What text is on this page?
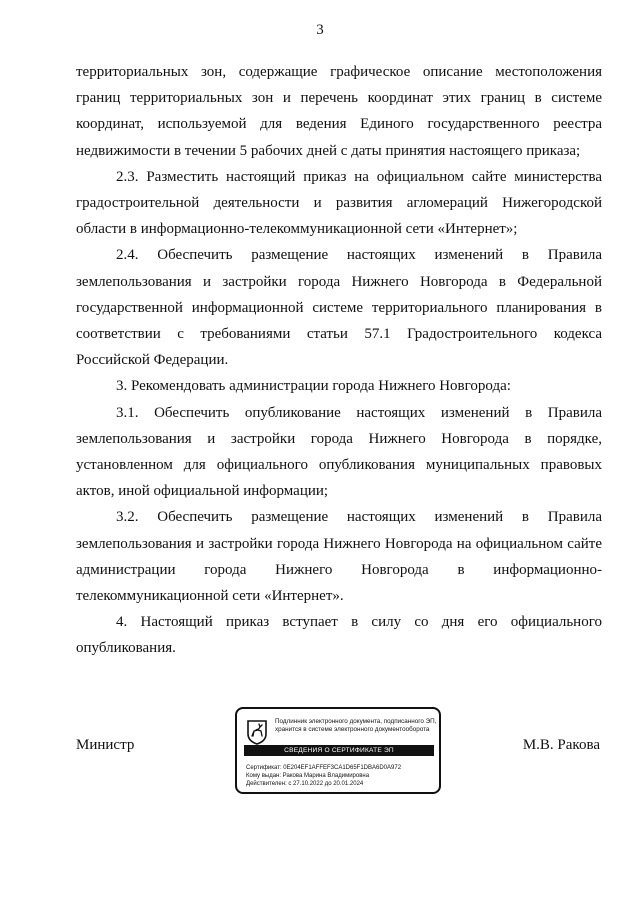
3

территориальных зон, содержащие графическое описание местоположения границ территориальных зон и перечень координат этих границ в системе координат, используемой для ведения Единого государственного реестра недвижимости в течении 5 рабочих дней с даты принятия настоящего приказа;

2.3. Разместить настоящий приказ на официальном сайте министерства градостроительной деятельности и развития агломераций Нижегородской области в информационно-телекоммуникационной сети «Интернет»;

2.4. Обеспечить размещение настоящих изменений в Правила землепользования и застройки города Нижнего Новгорода в Федеральной государственной информационной системе территориального планирования в соответствии с требованиями статьи 57.1 Градостроительного кодекса Российской Федерации.

3. Рекомендовать администрации города Нижнего Новгорода:

3.1. Обеспечить опубликование настоящих изменений в Правила землепользования и застройки города Нижнего Новгорода в порядке, установленном для официального опубликования муниципальных правовых актов, иной официальной информации;

3.2. Обеспечить размещение настоящих изменений в Правила землепользования и застройки города Нижнего Новгорода на официальном сайте администрации города Нижнего Новгорода в информационно-телекоммуникационной сети «Интернет».

4. Настоящий приказ вступает в силу со дня его официального опубликования.

Министр	М.В. Ракова
Подлинник электронного документа, подписанного ЭП, хранится в системе электронного документооборота
СВЕДЕНИЯ О СЕРТИФИКАТЕ ЭП
Сертификат: 0E204EF1AFFEF3CA1D65F1DBA6D0A972
Кому выдан: Ракова Марина Владимировна
Действителен: с 27.10.2022 до 20.01.2024
